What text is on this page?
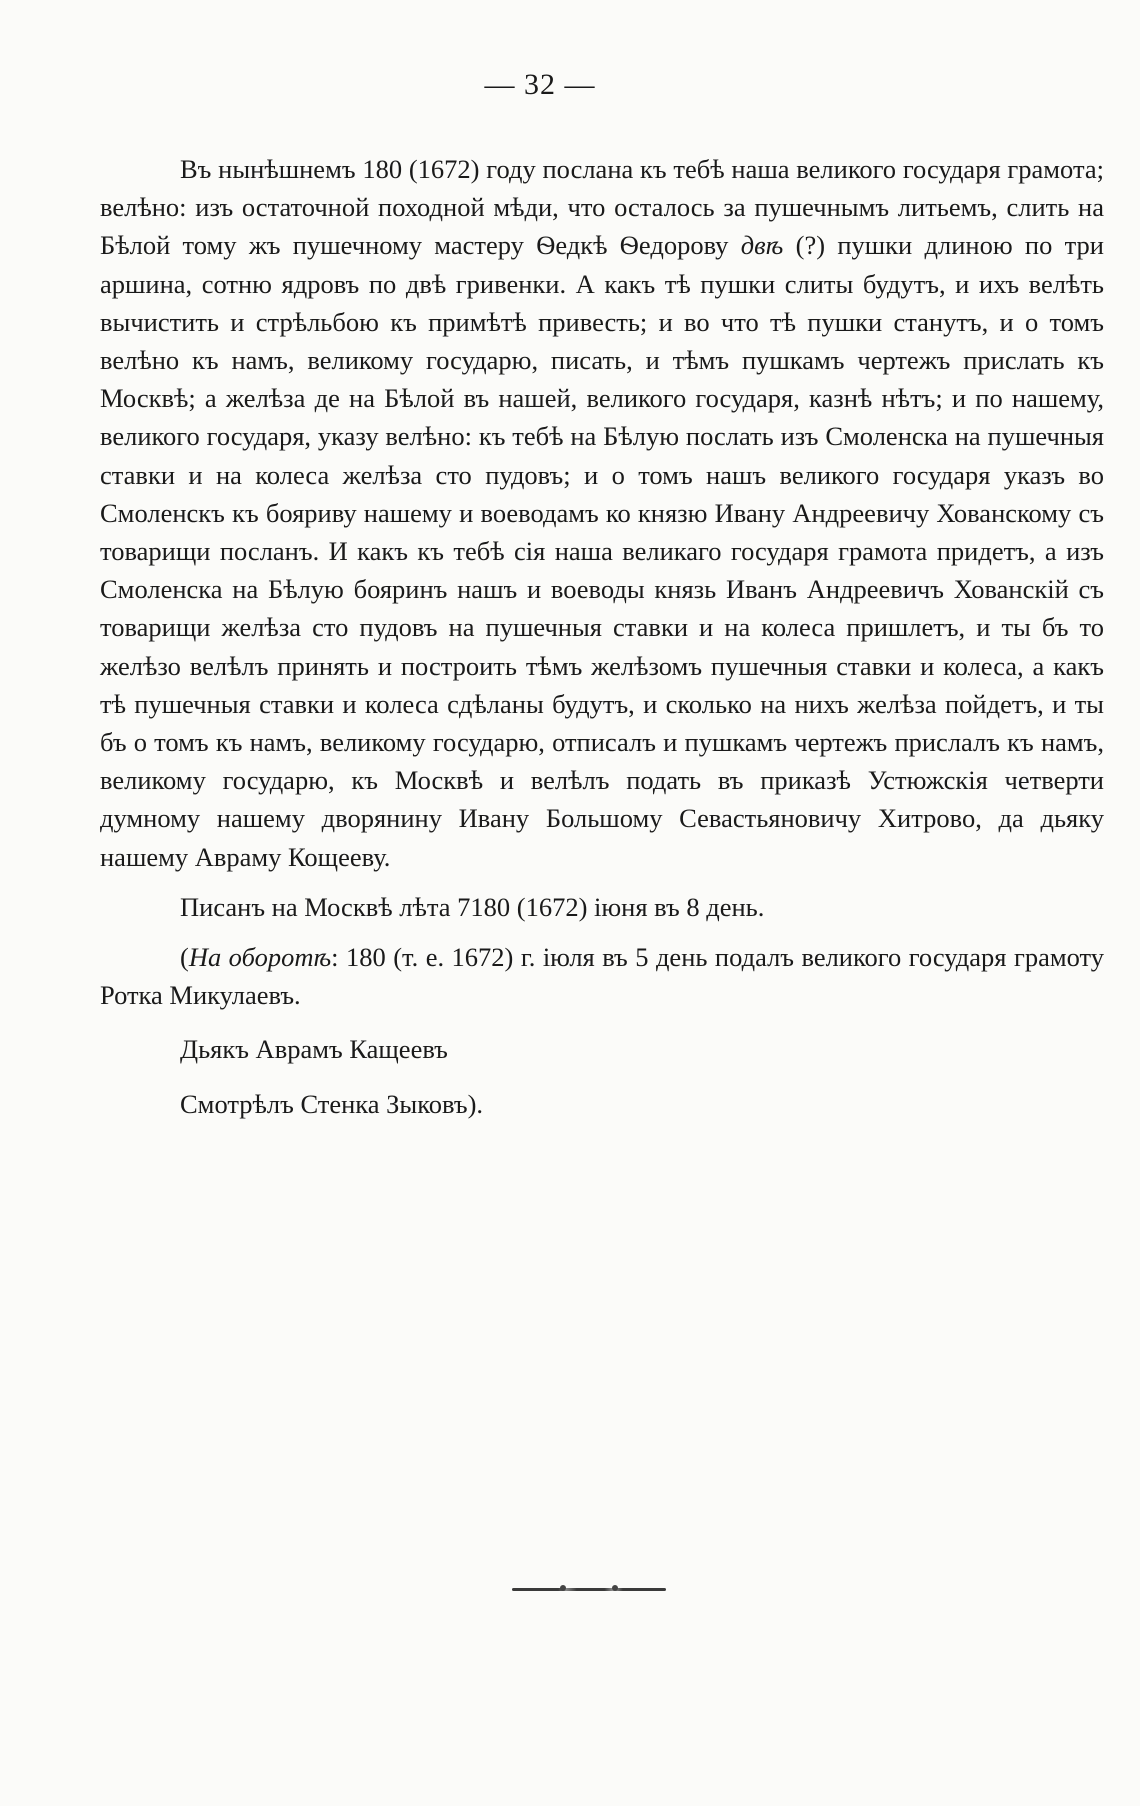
— 32 —

Въ нынѣшнемъ 180 (1672) году послана къ тебѣ наша великого государя грамота; велѣно: изъ остаточной походной мѣди, что осталось за пушечнымъ литьемъ, слить на Бѣлой тому жъ пушечному мастеру Ѳедкѣ Ѳедорову двѣ (?) пушки длиною по три аршина, сотню ядровъ по двѣ гривенки. А какъ тѣ пушки слиты будутъ, и ихъ велѣть вычистить и стрѣльбою къ примѣтѣ привесть; и во что тѣ пушки станутъ, и о томъ велѣно къ намъ, великому государю, писать, и тѣмъ пушкамъ чертежъ прислать къ Москвѣ; а желѣза де на Бѣлой въ нашей, великого государя, казнѣ нѣтъ; и по нашему, великого государя, указу велѣно: къ тебѣ на Бѣлую послать изъ Смоленска на пушечныя ставки и на колеса желѣза сто пудовъ; и о томъ нашъ великого государя указъ во Смоленскъ къ бояриву нашему и воеводамъ ко князю Ивану Андреевичу Хованскому съ товарищи посланъ. И какъ къ тебѣ сія наша великаго государя грамота придетъ, а изъ Смоленска на Бѣлую бояринъ нашъ и воеводы князь Иванъ Андреевичъ Хованскій съ товарищи желѣза сто пудовъ на пушечныя ставки и на колеса пришлетъ, и ты бъ то желѣзо велѣлъ принять и построить тѣмъ желѣзомъ пушечныя ставки и колеса, а какъ тѣ пушечныя ставки и колеса сдѣланы будутъ, и сколько на нихъ желѣза пойдетъ, и ты бъ о томъ къ намъ, великому государю, отписалъ и пушкамъ чертежъ прислалъ къ намъ, великому государю, къ Москвѣ и велѣлъ подать въ приказѣ Устюжскія четверти думному нашему дворянину Ивану Большому Севастьяновичу Хитрово, да дьяку нашему Авраму Кощееву.

Писанъ на Москвѣ лѣта 7180 (1672) іюня въ 8 день.

(На оборотѣ: 180 (т. е. 1672) г. іюля въ 5 день подалъ великого государя грамоту Ротка Микулаевъ.

Дьякъ Аврамъ Кащеевъ

Смотрѣлъ Стенка Зыковъ).
